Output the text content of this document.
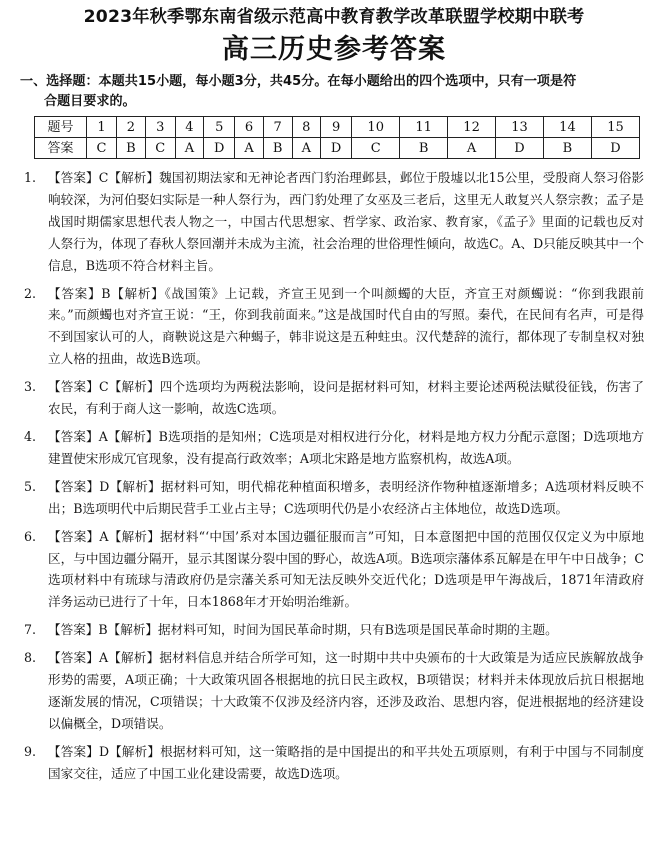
2023年秋季鄂东南省级示范高中教育教学改革联盟学校期中联考
高三历史参考答案
一、选择题：本题共15小题，每小题3分，共45分。在每小题给出的四个选项中，只有一项是符
合题目要求的。
题号	1	2	3	4	5	6	7	8	9	10	11	12	13	14	15
答案	C	B	C	A	D	A	B	A	D	C	B	A	D	B	D
1. 【答案】C【解析】魏国初期法家和无神论者西门豹治理邺县，邺位于殷墟以北15公里，受殷商人祭习俗影响较深，为河伯娶妇实际是一种人祭行为，西门豹处理了女巫及三老后，这里无人敢复兴人祭宗教；孟子是战国时期儒家思想代表人物之一，中国古代思想家、哲学家、政治家、教育家，《孟子》里面的记载也反对人祭行为，体现了春秋人祭回潮并未成为主流，社会治理的世俗理性倾向，故选C。A、D只能反映其中一个信息，B选项不符合材料主旨。
2. 【答案】B【解析】《战国策》上记载，齐宣王见到一个叫颜蠋的大臣，齐宣王对颜蠋说：“你到我跟前来。”而颜蠋也对齐宣王说：“王，你到我前面来。”这是战国时代自由的写照。秦代，在民间有名声，可是得不到国家认可的人，商鞅说这是六种蝎子，韩非说这是五种蛀虫。汉代楚辞的流行，都体现了专制皇权对独立人格的扭曲，故选B选项。
3. 【答案】C【解析】四个选项均为两税法影响，设问是据材料可知，材料主要论述两税法赋役征钱，伤害了农民，有利于商人这一影响，故选C选项。
4. 【答案】A【解析】B选项指的是知州；C选项是对相权进行分化，材料是地方权力分配示意图；D选项地方建置使宋形成冗官现象，没有提高行政效率；A项北宋路是地方监察机构，故选A项。
5. 【答案】D【解析】据材料可知，明代棉花种植面积增多，表明经济作物种植逐渐增多；A选项材料反映不出；B选项明代中后期民营手工业占主导；C选项明代仍是小农经济占主体地位，故选D选项。
6. 【答案】A【解析】据材料“‘中国’系对本国边疆征服而言”可知，日本意图把中国的范围仅仅定义为中原地区，与中国边疆分隔开，显示其图谋分裂中国的野心，故选A项。B选项宗藩体系瓦解是在甲午中日战争；C选项材料中有琉球与清政府仍是宗藩关系可知无法反映外交近代化；D选项是甲午海战后，1871年清政府洋务运动已进行了十年，日本1868年才开始明治维新。
7. 【答案】B【解析】据材料可知，时间为国民革命时期，只有B选项是国民革命时期的主题。
8. 【答案】A【解析】据材料信息并结合所学可知，这一时期中共中央颁布的十大政策是为适应民族解放战争形势的需要，A项正确；十大政策巩固各根据地的抗日民主政权，B项错误；材料并未体现放后抗日根据地逐渐发展的情况，C项错误；十大政策不仅涉及经济内容，还涉及政治、思想内容，促进根据地的经济建设以偏概全，D项错误。
9. 【答案】D【解析】根据材料可知，这一策略指的是中国提出的和平共处五项原则，有利于中国与不同制度国家交往，适应了中国工业化建设需要，故选D选项。
